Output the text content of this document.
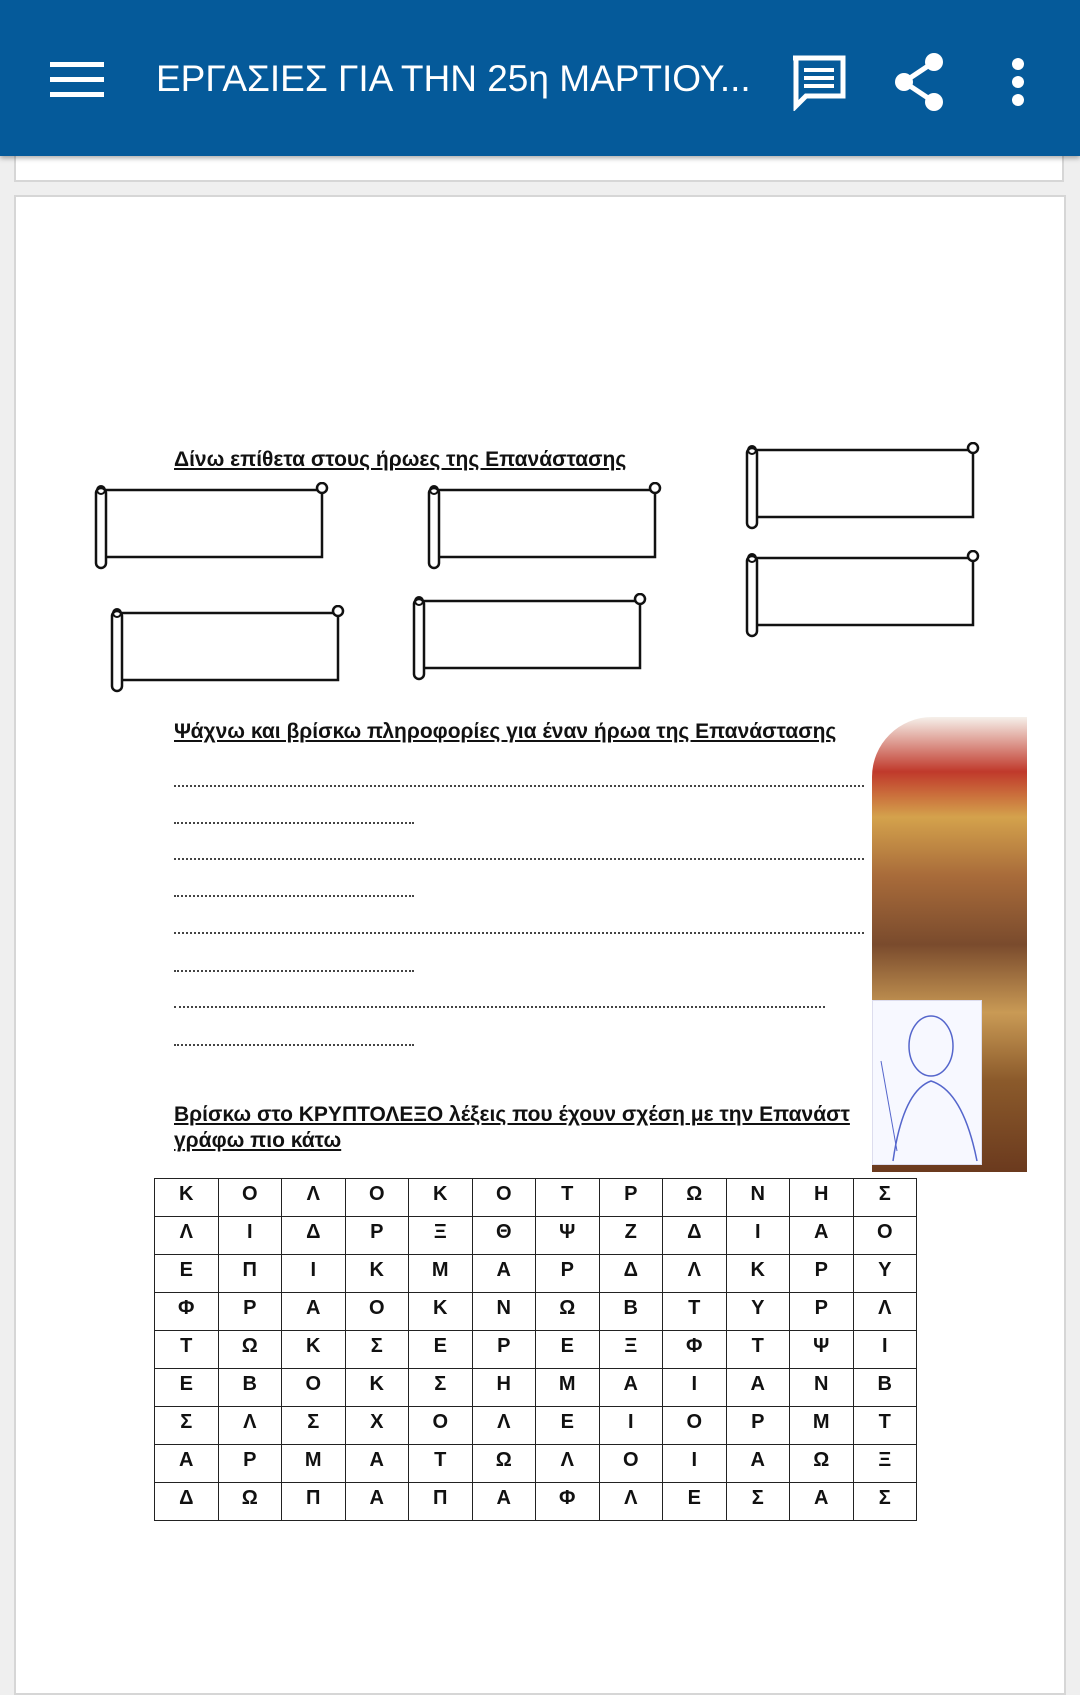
ΕΡΓΑΣΙΕΣ ΓΙΑ ΤΗΝ 25η ΜΑΡΤΙΟΥ...
Δίνω επίθετα στους ήρωες της Επανάστασης
Ψάχνω και βρίσκω πληροφορίες για έναν ήρωα της Επανάστασης
Βρίσκω στο ΚΡΥΠΤΟΛΕΞΟ λέξεις που έχουν σχέση με την Επανάστ
γράφω πιο κάτω
Κ	Ο	Λ	Ο	Κ	Ο	Τ	Ρ	Ω	Ν	Η	Σ
Λ	Ι	Δ	Ρ	Ξ	Θ	Ψ	Ζ	Δ	Ι	Α	Ο
Ε	Π	Ι	Κ	Μ	Α	Ρ	Δ	Λ	Κ	Ρ	Υ
Φ	Ρ	Α	Ο	Κ	Ν	Ω	Β	Τ	Υ	Ρ	Λ
Τ	Ω	Κ	Σ	Ε	Ρ	Ε	Ξ	Φ	Τ	Ψ	Ι
Ε	Β	Ο	Κ	Σ	Η	Μ	Α	Ι	Α	Ν	Β
Σ	Λ	Σ	Χ	Ο	Λ	Ε	Ι	Ο	Ρ	Μ	Τ
Α	Ρ	Μ	Α	Τ	Ω	Λ	Ο	Ι	Α	Ω	Ξ
Δ	Ω	Π	Α	Π	Α	Φ	Λ	Ε	Σ	Α	Σ
